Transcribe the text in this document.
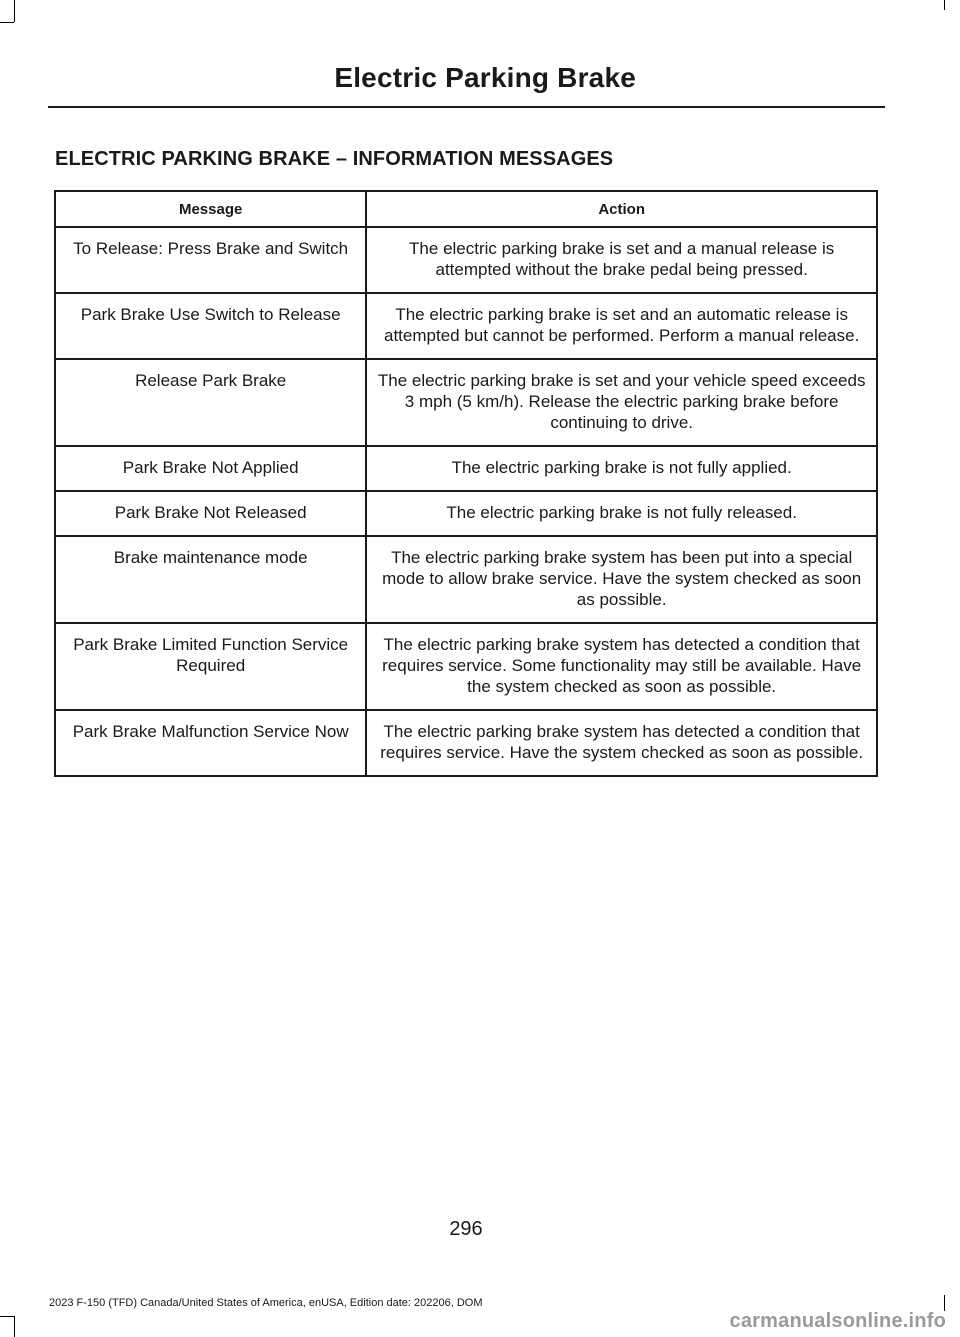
Electric Parking Brake
ELECTRIC PARKING BRAKE – INFORMATION MESSAGES
Message	Action
To Release: Press Brake and Switch	The electric parking brake is set and a manual release is attempted without the brake pedal being pressed.
Park Brake Use Switch to Release	The electric parking brake is set and an automatic release is attempted but cannot be performed. Perform a manual release.
Release Park Brake	The electric parking brake is set and your vehicle speed exceeds 3 mph (5 km/h). Release the electric parking brake before continuing to drive.
Park Brake Not Applied	The electric parking brake is not fully applied.
Park Brake Not Released	The electric parking brake is not fully released.
Brake maintenance mode	The electric parking brake system has been put into a special mode to allow brake service. Have the system checked as soon as possible.
Park Brake Limited Function Service Required	The electric parking brake system has detected a condition that requires service. Some functionality may still be available. Have the system checked as soon as possible.
Park Brake Malfunction Service Now	The electric parking brake system has detected a condition that requires service. Have the system checked as soon as possible.
296
2023 F-150 (TFD) Canada/United States of America, enUSA, Edition date: 202206, DOM
carmanualsonline.info
